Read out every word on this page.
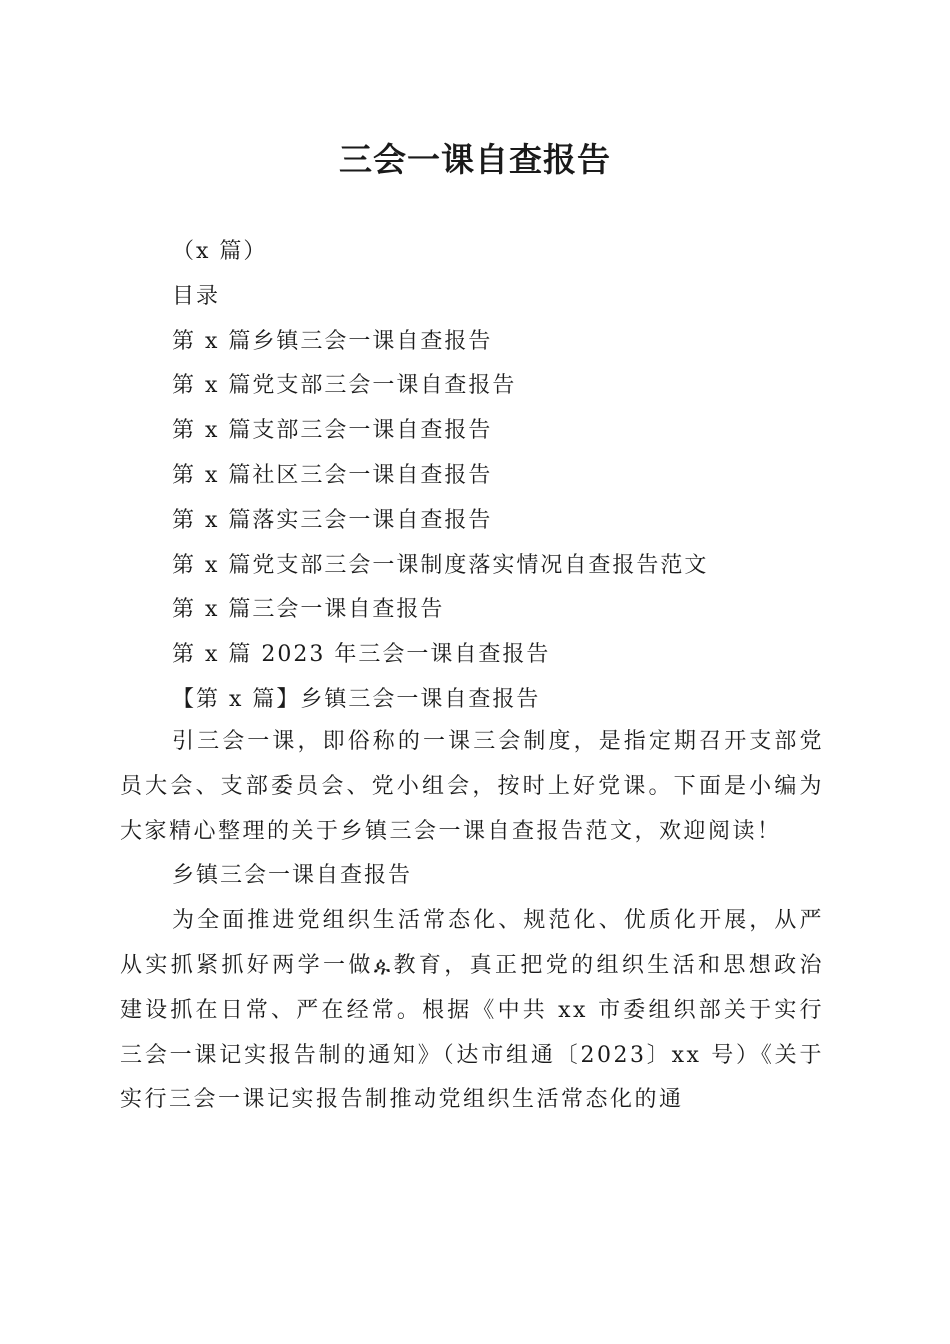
三会一课自查报告
（x 篇）
目录
第 x 篇乡镇三会一课自查报告
第 x 篇党支部三会一课自查报告
第 x 篇支部三会一课自查报告
第 x 篇社区三会一课自查报告
第 x 篇落实三会一课自查报告
第 x 篇党支部三会一课制度落实情况自查报告范文
第 x 篇三会一课自查报告
第 x 篇 2023 年三会一课自查报告
【第 x 篇】乡镇三会一课自查报告

引三会一课，即俗称的一课三会制度，是指定期召开支部党员大会、支部委员会、党小组会，按时上好党课。下面是小编为大家精心整理的关于乡镇三会一课自查报告范文，欢迎阅读！

乡镇三会一课自查报告

为全面推进党组织生活常态化、规范化、优质化开展，从严从实抓紧抓好两学一做ዹ教育，真正把党的组织生活和思想政治建设抓在日常、严在经常。根据《中共 xx 市委组织部关于实行三会一课记实报告制的通知》（达市组通〔2023〕xx 号）《关于实行三会一课记实报告制推动党组织生活常态化的通
